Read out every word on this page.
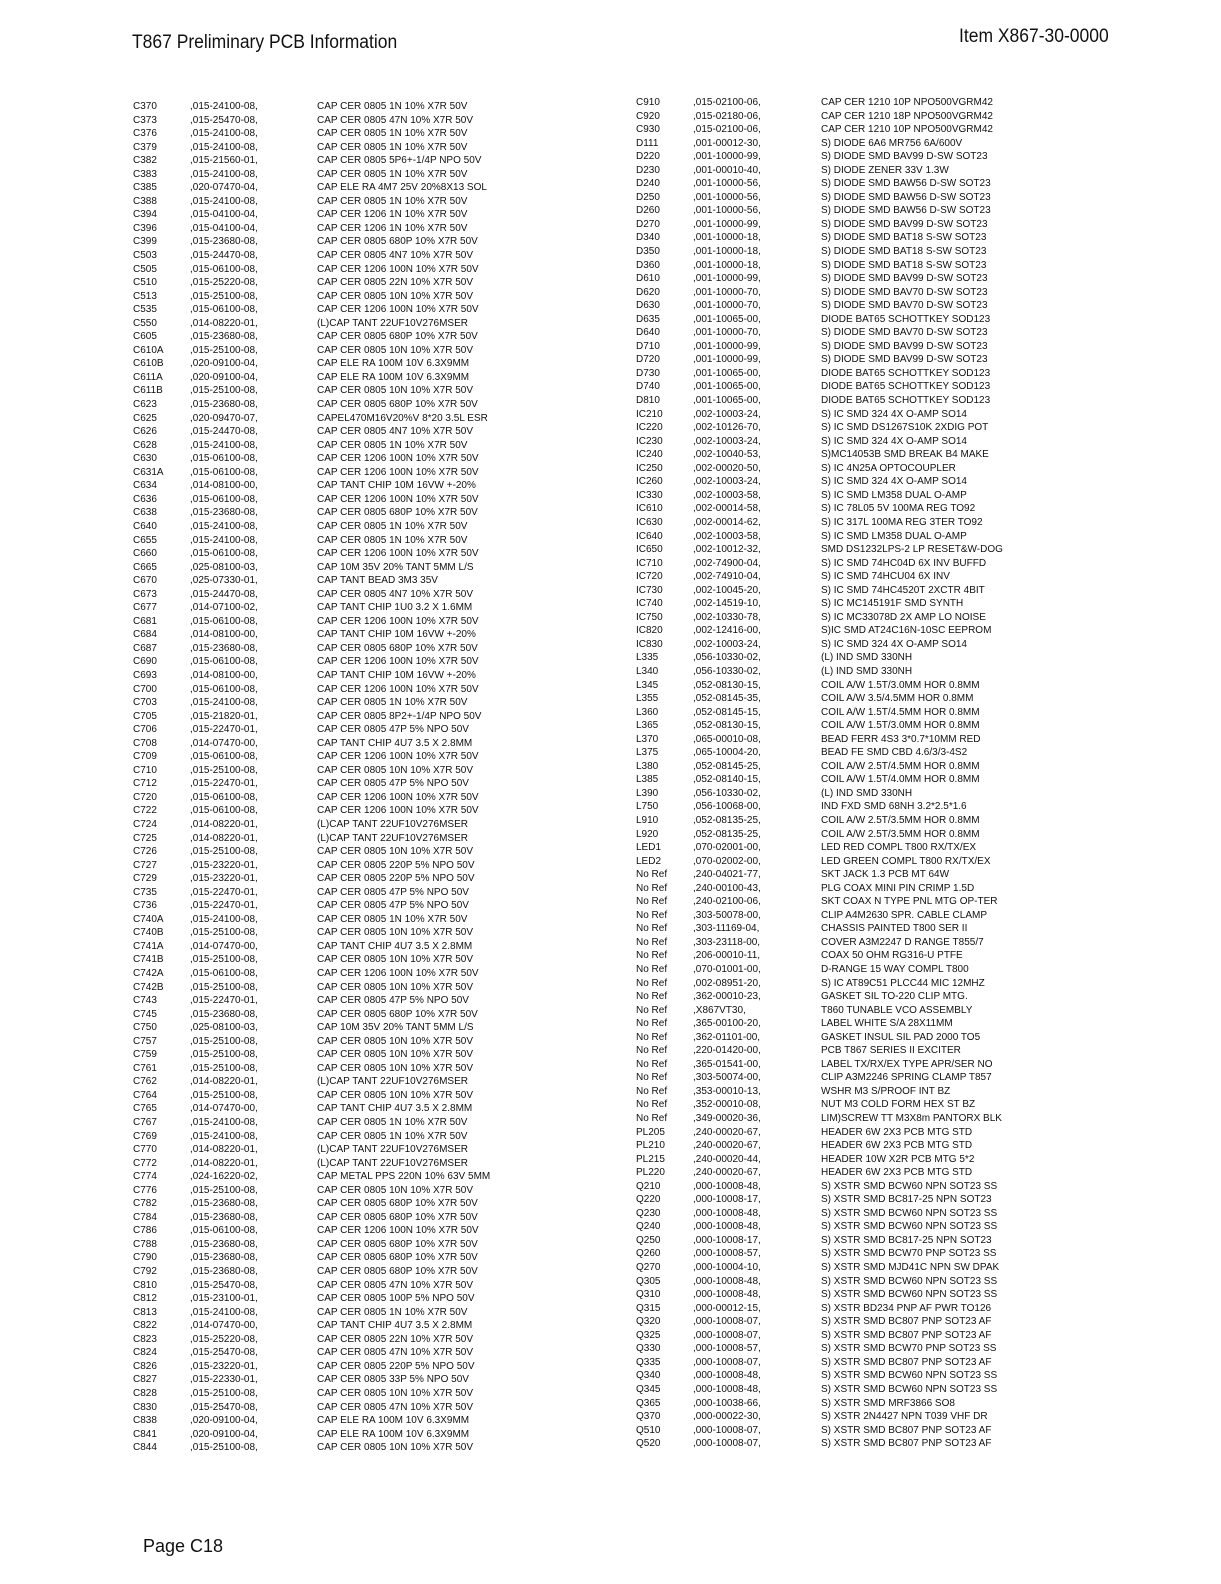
T867 Preliminary PCB Information	Item X867-30-0000
C370	,015-24100-08,	CAP CER 0805 1N 10% X7R 50V
C373	,015-25470-08,	CAP CER 0805 47N 10% X7R 50V
C376	,015-24100-08,	CAP CER 0805 1N 10% X7R 50V
C379	,015-24100-08,	CAP CER 0805 1N 10% X7R 50V
C382	,015-21560-01,	CAP CER 0805 5P6+-1/4P NPO 50V
C383	,015-24100-08,	CAP CER 0805 1N 10% X7R 50V
C385	,020-07470-04,	CAP ELE RA 4M7 25V 20%8X13 SOL
C388	,015-24100-08,	CAP CER 0805 1N 10% X7R 50V
C394	,015-04100-04,	CAP CER 1206 1N 10% X7R 50V
C396	,015-04100-04,	CAP CER 1206 1N 10% X7R 50V
C399	,015-23680-08,	CAP CER 0805 680P 10% X7R 50V
C503	,015-24470-08,	CAP CER 0805 4N7 10% X7R 50V
C505	,015-06100-08,	CAP CER 1206 100N 10% X7R 50V
C510	,015-25220-08,	CAP CER 0805 22N 10% X7R 50V
C513	,015-25100-08,	CAP CER 0805 10N 10% X7R 50V
C535	,015-06100-08,	CAP CER 1206 100N 10% X7R 50V
C550	,014-08220-01,	(L)CAP TANT 22UF10V276MSER
C605	,015-23680-08,	CAP CER 0805 680P 10% X7R 50V
C610A	,015-25100-08,	CAP CER 0805 10N 10% X7R 50V
C610B	,020-09100-04,	CAP ELE RA 100M 10V 6.3X9MM
C611A	,020-09100-04,	CAP ELE RA 100M 10V 6.3X9MM
C611B	,015-25100-08,	CAP CER 0805 10N 10% X7R 50V
C623	,015-23680-08,	CAP CER 0805 680P 10% X7R 50V
C625	,020-09470-07,	CAPEL470M16V20%V 8*20 3.5L ESR
C626	,015-24470-08,	CAP CER 0805 4N7 10% X7R 50V
C628	,015-24100-08,	CAP CER 0805 1N 10% X7R 50V
C630	,015-06100-08,	CAP CER 1206 100N 10% X7R 50V
C631A	,015-06100-08,	CAP CER 1206 100N 10% X7R 50V
C634	,014-08100-00,	CAP TANT CHIP 10M 16VW +-20%
C636	,015-06100-08,	CAP CER 1206 100N 10% X7R 50V
C638	,015-23680-08,	CAP CER 0805 680P 10% X7R 50V
C640	,015-24100-08,	CAP CER 0805 1N 10% X7R 50V
C655	,015-24100-08,	CAP CER 0805 1N 10% X7R 50V
C660	,015-06100-08,	CAP CER 1206 100N 10% X7R 50V
C665	,025-08100-03,	CAP 10M 35V 20% TANT 5MM L/S
C670	,025-07330-01,	CAP TANT BEAD 3M3 35V
C673	,015-24470-08,	CAP CER 0805 4N7 10% X7R 50V
C677	,014-07100-02,	CAP TANT CHIP 1U0 3.2 X 1.6MM
C681	,015-06100-08,	CAP CER 1206 100N 10% X7R 50V
C684	,014-08100-00,	CAP TANT CHIP 10M 16VW +-20%
C687	,015-23680-08,	CAP CER 0805 680P 10% X7R 50V
C690	,015-06100-08,	CAP CER 1206 100N 10% X7R 50V
C693	,014-08100-00,	CAP TANT CHIP 10M 16VW +-20%
C700	,015-06100-08,	CAP CER 1206 100N 10% X7R 50V
C703	,015-24100-08,	CAP CER 0805 1N 10% X7R 50V
C705	,015-21820-01,	CAP CER 0805 8P2+-1/4P NPO 50V
C706	,015-22470-01,	CAP CER 0805 47P 5% NPO 50V
C708	,014-07470-00,	CAP TANT CHIP 4U7 3.5 X 2.8MM
C709	,015-06100-08,	CAP CER 1206 100N 10% X7R 50V
C710	,015-25100-08,	CAP CER 0805 10N 10% X7R 50V
C712	,015-22470-01,	CAP CER 0805 47P 5% NPO 50V
C720	,015-06100-08,	CAP CER 1206 100N 10% X7R 50V
C722	,015-06100-08,	CAP CER 1206 100N 10% X7R 50V
C724	,014-08220-01,	(L)CAP TANT 22UF10V276MSER
C725	,014-08220-01,	(L)CAP TANT 22UF10V276MSER
C726	,015-25100-08,	CAP CER 0805 10N 10% X7R 50V
C727	,015-23220-01,	CAP CER 0805 220P 5% NPO 50V
C729	,015-23220-01,	CAP CER 0805 220P 5% NPO 50V
C735	,015-22470-01,	CAP CER 0805 47P 5% NPO 50V
C736	,015-22470-01,	CAP CER 0805 47P 5% NPO 50V
C740A	,015-24100-08,	CAP CER 0805 1N 10% X7R 50V
C740B	,015-25100-08,	CAP CER 0805 10N 10% X7R 50V
C741A	,014-07470-00,	CAP TANT CHIP 4U7 3.5 X 2.8MM
C741B	,015-25100-08,	CAP CER 0805 10N 10% X7R 50V
C742A	,015-06100-08,	CAP CER 1206 100N 10% X7R 50V
C742B	,015-25100-08,	CAP CER 0805 10N 10% X7R 50V
C743	,015-22470-01,	CAP CER 0805 47P 5% NPO 50V
C745	,015-23680-08,	CAP CER 0805 680P 10% X7R 50V
C750	,025-08100-03,	CAP 10M 35V 20% TANT 5MM L/S
C757	,015-25100-08,	CAP CER 0805 10N 10% X7R 50V
C759	,015-25100-08,	CAP CER 0805 10N 10% X7R 50V
C761	,015-25100-08,	CAP CER 0805 10N 10% X7R 50V
C762	,014-08220-01,	(L)CAP TANT 22UF10V276MSER
C764	,015-25100-08,	CAP CER 0805 10N 10% X7R 50V
C765	,014-07470-00,	CAP TANT CHIP 4U7 3.5 X 2.8MM
C767	,015-24100-08,	CAP CER 0805 1N 10% X7R 50V
C769	,015-24100-08,	CAP CER 0805 1N 10% X7R 50V
C770	,014-08220-01,	(L)CAP TANT 22UF10V276MSER
C772	,014-08220-01,	(L)CAP TANT 22UF10V276MSER
C774	,024-16220-02,	CAP METAL PPS 220N 10% 63V 5MM
C776	,015-25100-08,	CAP CER 0805 10N 10% X7R 50V
C782	,015-23680-08,	CAP CER 0805 680P 10% X7R 50V
C784	,015-23680-08,	CAP CER 0805 680P 10% X7R 50V
C786	,015-06100-08,	CAP CER 1206 100N 10% X7R 50V
C788	,015-23680-08,	CAP CER 0805 680P 10% X7R 50V
C790	,015-23680-08,	CAP CER 0805 680P 10% X7R 50V
C792	,015-23680-08,	CAP CER 0805 680P 10% X7R 50V
C810	,015-25470-08,	CAP CER 0805 47N 10% X7R 50V
C812	,015-23100-01,	CAP CER 0805 100P 5% NPO 50V
C813	,015-24100-08,	CAP CER 0805 1N 10% X7R 50V
C822	,014-07470-00,	CAP TANT CHIP 4U7 3.5 X 2.8MM
C823	,015-25220-08,	CAP CER 0805 22N 10% X7R 50V
C824	,015-25470-08,	CAP CER 0805 47N 10% X7R 50V
C826	,015-23220-01,	CAP CER 0805 220P 5% NPO 50V
C827	,015-22330-01,	CAP CER 0805 33P 5% NPO 50V
C828	,015-25100-08,	CAP CER 0805 10N 10% X7R 50V
C830	,015-25470-08,	CAP CER 0805 47N 10% X7R 50V
C838	,020-09100-04,	CAP ELE RA 100M 10V 6.3X9MM
C841	,020-09100-04,	CAP ELE RA 100M 10V 6.3X9MM
C844	,015-25100-08,	CAP CER 0805 10N 10% X7R 50V
C910	,015-02100-06,	CAP CER 1210 10P NPO500VGRM42
C920	,015-02180-06,	CAP CER 1210 18P NPO500VGRM42
C930	,015-02100-06,	CAP CER 1210 10P NPO500VGRM42
D111	,001-00012-30,	S) DIODE 6A6 MR756 6A/600V
D220	,001-10000-99,	S) DIODE SMD BAV99 D-SW SOT23
D230	,001-00010-40,	S) DIODE ZENER 33V 1.3W
D240	,001-10000-56,	S) DIODE SMD BAW56 D-SW SOT23
D250	,001-10000-56,	S) DIODE SMD BAW56 D-SW SOT23
D260	,001-10000-56,	S) DIODE SMD BAW56 D-SW SOT23
D270	,001-10000-99,	S) DIODE SMD BAV99 D-SW SOT23
D340	,001-10000-18,	S) DIODE SMD BAT18 S-SW SOT23
D350	,001-10000-18,	S) DIODE SMD BAT18 S-SW SOT23
D360	,001-10000-18,	S) DIODE SMD BAT18 S-SW SOT23
D610	,001-10000-99,	S) DIODE SMD BAV99 D-SW SOT23
D620	,001-10000-70,	S) DIODE SMD BAV70 D-SW SOT23
D630	,001-10000-70,	S) DIODE SMD BAV70 D-SW SOT23
D635	,001-10065-00,	DIODE BAT65 SCHOTTKEY SOD123
D640	,001-10000-70,	S) DIODE SMD BAV70 D-SW SOT23
D710	,001-10000-99,	S) DIODE SMD BAV99 D-SW SOT23
D720	,001-10000-99,	S) DIODE SMD BAV99 D-SW SOT23
D730	,001-10065-00,	DIODE BAT65 SCHOTTKEY SOD123
D740	,001-10065-00,	DIODE BAT65 SCHOTTKEY SOD123
D810	,001-10065-00,	DIODE BAT65 SCHOTTKEY SOD123
IC210	,002-10003-24,	S) IC SMD 324 4X O-AMP SO14
IC220	,002-10126-70,	S) IC SMD DS1267S10K 2XDIG POT
IC230	,002-10003-24,	S) IC SMD 324 4X O-AMP SO14
IC240	,002-10040-53,	S)MC14053B SMD BREAK B4 MAKE
IC250	,002-00020-50,	S) IC 4N25A OPTOCOUPLER
IC260	,002-10003-24,	S) IC SMD 324 4X O-AMP SO14
IC330	,002-10003-58,	S) IC SMD LM358 DUAL O-AMP
IC610	,002-00014-58,	S) IC 78L05 5V 100MA REG TO92
IC630	,002-00014-62,	S) IC 317L 100MA REG 3TER TO92
IC640	,002-10003-58,	S) IC SMD LM358 DUAL O-AMP
IC650	,002-10012-32,	SMD DS1232LPS-2 LP RESET&W-DOG
IC710	,002-74900-04,	S) IC SMD 74HC04D 6X INV BUFFD
IC720	,002-74910-04,	S) IC SMD 74HCU04 6X INV
IC730	,002-10045-20,	S) IC SMD 74HC4520T 2XCTR 4BIT
IC740	,002-14519-10,	S) IC MC145191F SMD SYNTH
IC750	,002-10330-78,	S) IC MC33078D 2X AMP LO NOISE
IC820	,002-12416-00,	S)IC SMD AT24C16N-10SC EEPROM
IC830	,002-10003-24,	S) IC SMD 324 4X O-AMP SO14
L335	,056-10330-02,	(L) IND SMD 330NH
L340	,056-10330-02,	(L) IND SMD 330NH
L345	,052-08130-15,	COIL A/W 1.5T/3.0MM HOR 0.8MM
L355	,052-08145-35,	COIL A/W 3.5/4.5MM HOR 0.8MM
L360	,052-08145-15,	COIL A/W 1.5T/4.5MM HOR 0.8MM
L365	,052-08130-15,	COIL A/W 1.5T/3.0MM HOR 0.8MM
L370	,065-00010-08,	BEAD FERR 4S3 3*0.7*10MM RED
L375	,065-10004-20,	BEAD FE SMD CBD 4.6/3/3-4S2
L380	,052-08145-25,	COIL A/W 2.5T/4.5MM HOR 0.8MM
L385	,052-08140-15,	COIL A/W 1.5T/4.0MM HOR 0.8MM
L390	,056-10330-02,	(L) IND SMD 330NH
L750	,056-10068-00,	IND FXD SMD 68NH 3.2*2.5*1.6
L910	,052-08135-25,	COIL A/W 2.5T/3.5MM HOR 0.8MM
L920	,052-08135-25,	COIL A/W 2.5T/3.5MM HOR 0.8MM
LED1	,070-02001-00,	LED RED COMPL T800 RX/TX/EX
LED2	,070-02002-00,	LED GREEN COMPL T800 RX/TX/EX
No Ref	,240-04021-77,	SKT JACK 1.3 PCB MT 64W
No Ref	,240-00100-43,	PLG COAX MINI PIN CRIMP 1.5D
No Ref	,240-02100-06,	SKT COAX N TYPE PNL MTG OP-TER
No Ref	,303-50078-00,	CLIP A4M2630 SPR. CABLE CLAMP
No Ref	,303-11169-04,	CHASSIS PAINTED T800 SER II
No Ref	,303-23118-00,	COVER A3M2247 D RANGE T855/7
No Ref	,206-00010-11,	COAX 50 OHM RG316-U PTFE
No Ref	,070-01001-00,	D-RANGE 15 WAY COMPL T800
No Ref	,002-08951-20,	S) IC AT89C51 PLCC44 MIC 12MHZ
No Ref	,362-00010-23,	GASKET SIL TO-220 CLIP MTG.
No Ref	,X867VT30,	T860 TUNABLE VCO ASSEMBLY
No Ref	,365-00100-20,	LABEL WHITE S/A 28X11MM
No Ref	,362-01101-00,	GASKET INSUL SIL PAD 2000 TO5
No Ref	,220-01420-00,	PCB T867 SERIES II EXCITER
No Ref	,365-01541-00,	LABEL TX/RX/EX TYPE APR/SER NO
No Ref	,303-50074-00,	CLIP A3M2246 SPRING CLAMP T857
No Ref	,353-00010-13,	WSHR M3 S/PROOF INT BZ
No Ref	,352-00010-08,	NUT M3 COLD FORM HEX ST BZ
No Ref	,349-00020-36,	LIM)SCREW TT M3X8m PANTORX BLK
PL205	,240-00020-67,	HEADER 6W 2X3 PCB MTG STD
PL210	,240-00020-67,	HEADER 6W 2X3 PCB MTG STD
PL215	,240-00020-44,	HEADER 10W X2R PCB MTG 5*2
PL220	,240-00020-67,	HEADER 6W 2X3 PCB MTG STD
Q210	,000-10008-48,	S) XSTR SMD BCW60 NPN SOT23 SS
Q220	,000-10008-17,	S) XSTR SMD BC817-25 NPN SOT23
Q230	,000-10008-48,	S) XSTR SMD BCW60 NPN SOT23 SS
Q240	,000-10008-48,	S) XSTR SMD BCW60 NPN SOT23 SS
Q250	,000-10008-17,	S) XSTR SMD BC817-25 NPN SOT23
Q260	,000-10008-57,	S) XSTR SMD BCW70 PNP SOT23 SS
Q270	,000-10004-10,	S) XSTR SMD MJD41C NPN SW DPAK
Q305	,000-10008-48,	S) XSTR SMD BCW60 NPN SOT23 SS
Q310	,000-10008-48,	S) XSTR SMD BCW60 NPN SOT23 SS
Q315	,000-00012-15,	S) XSTR BD234 PNP AF PWR TO126
Q320	,000-10008-07,	S) XSTR SMD BC807 PNP SOT23 AF
Q325	,000-10008-07,	S) XSTR SMD BC807 PNP SOT23 AF
Q330	,000-10008-57,	S) XSTR SMD BCW70 PNP SOT23 SS
Q335	,000-10008-07,	S) XSTR SMD BC807 PNP SOT23 AF
Q340	,000-10008-48,	S) XSTR SMD BCW60 NPN SOT23 SS
Q345	,000-10008-48,	S) XSTR SMD BCW60 NPN SOT23 SS
Q365	,000-10038-66,	S) XSTR SMD MRF3866 SO8
Q370	,000-00022-30,	S) XSTR 2N4427 NPN T039 VHF DR
Q510	,000-10008-07,	S) XSTR SMD BC807 PNP SOT23 AF
Q520	,000-10008-07,	S) XSTR SMD BC807 PNP SOT23 AF
Page C18
